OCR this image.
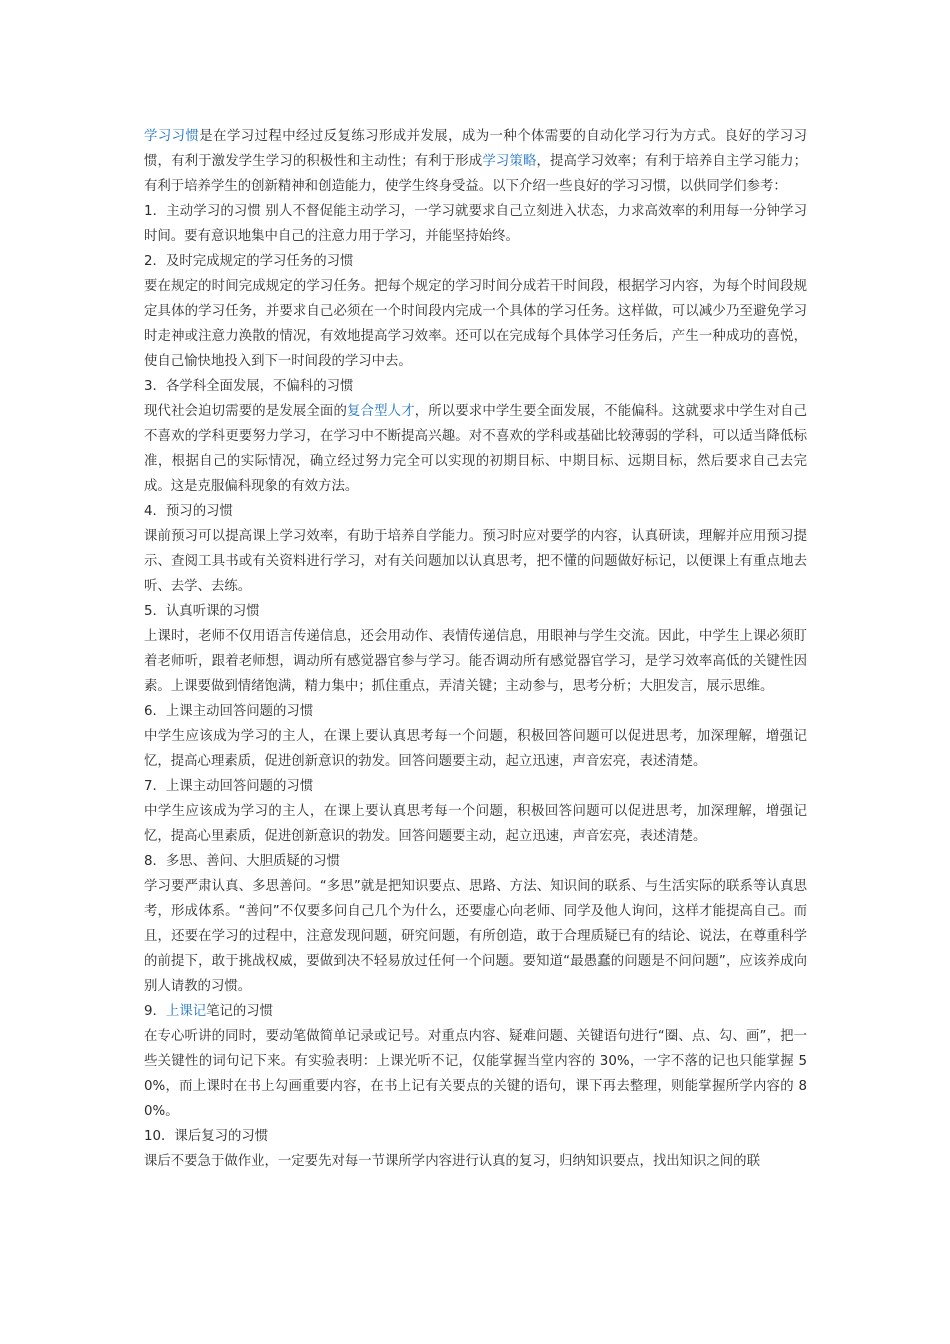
学习习惯是在学习过程中经过反复练习形成并发展，成为一种个体需要的自动化学习行为方式。良好的学习习惯，有利于激发学生学习的积极性和主动性；有利于形成学习策略，提高学习效率；有利于培养自主学习能力；有利于培养学生的创新精神和创造能力，使学生终身受益。以下介绍一些良好的学习习惯，以供同学们参考：

1．主动学习的习惯 别人不督促能主动学习，一学习就要求自己立刻进入状态，力求高效率的利用每一分钟学习时间。要有意识地集中自己的注意力用于学习，并能坚持始终。

2．及时完成规定的学习任务的习惯

要在规定的时间完成规定的学习任务。把每个规定的学习时间分成若干时间段，根据学习内容，为每个时间段规定具体的学习任务，并要求自己必须在一个时间段内完成一个具体的学习任务。这样做，可以减少乃至避免学习时走神或注意力涣散的情况，有效地提高学习效率。还可以在完成每个具体学习任务后，产生一种成功的喜悦，使自己愉快地投入到下一时间段的学习中去。

3．各学科全面发展，不偏科的习惯

现代社会迫切需要的是发展全面的复合型人才，所以要求中学生要全面发展，不能偏科。这就要求中学生对自己不喜欢的学科更要努力学习，在学习中不断提高兴趣。对不喜欢的学科或基础比较薄弱的学科，可以适当降低标准，根据自己的实际情况，确立经过努力完全可以实现的初期目标、中期目标、远期目标，然后要求自己去完成。这是克服偏科现象的有效方法。

4．预习的习惯

课前预习可以提高课上学习效率，有助于培养自学能力。预习时应对要学的内容，认真研读，理解并应用预习提示、查阅工具书或有关资料进行学习，对有关问题加以认真思考，把不懂的问题做好标记，以便课上有重点地去听、去学、去练。

5．认真听课的习惯

上课时，老师不仅用语言传递信息，还会用动作、表情传递信息，用眼神与学生交流。因此，中学生上课必须盯着老师听，跟着老师想，调动所有感觉器官参与学习。能否调动所有感觉器官学习，是学习效率高低的关键性因素。上课要做到情绪饱满，精力集中；抓住重点，弄清关键；主动参与，思考分析；大胆发言，展示思维。

6．上课主动回答问题的习惯

中学生应该成为学习的主人，在课上要认真思考每一个问题，积极回答问题可以促进思考，加深理解，增强记忆，提高心理素质，促进创新意识的勃发。回答问题要主动，起立迅速，声音宏亮，表述清楚。

7．上课主动回答问题的习惯

中学生应该成为学习的主人，在课上要认真思考每一个问题，积极回答问题可以促进思考，加深理解，增强记忆，提高心里素质，促进创新意识的勃发。回答问题要主动，起立迅速，声音宏亮，表述清楚。

8．多思、善问、大胆质疑的习惯

学习要严肃认真、多思善问。“多思”就是把知识要点、思路、方法、知识间的联系、与生活实际的联系等认真思考，形成体系。“善问”不仅要多问自己几个为什么，还要虚心向老师、同学及他人询问，这样才能提高自己。而且，还要在学习的过程中，注意发现问题，研究问题，有所创造，敢于合理质疑已有的结论、说法，在尊重科学的前提下，敢于挑战权威，要做到决不轻易放过任何一个问题。要知道“最愚蠢的问题是不问问题”，应该养成向别人请教的习惯。

9．上课记笔记的习惯

在专心听讲的同时，要动笔做简单记录或记号。对重点内容、疑难问题、关键语句进行“圈、点、勾、画”，把一些关键性的词句记下来。有实验表明：上课光听不记，仅能掌握当堂内容的 30%，一字不落的记也只能掌握 50%，而上课时在书上勾画重要内容，在书上记有关要点的关键的语句，课下再去整理，则能掌握所学内容的 80%。

10．课后复习的习惯

课后不要急于做作业，一定要先对每一节课所学内容进行认真的复习，归纳知识要点，找出知识之间的联
